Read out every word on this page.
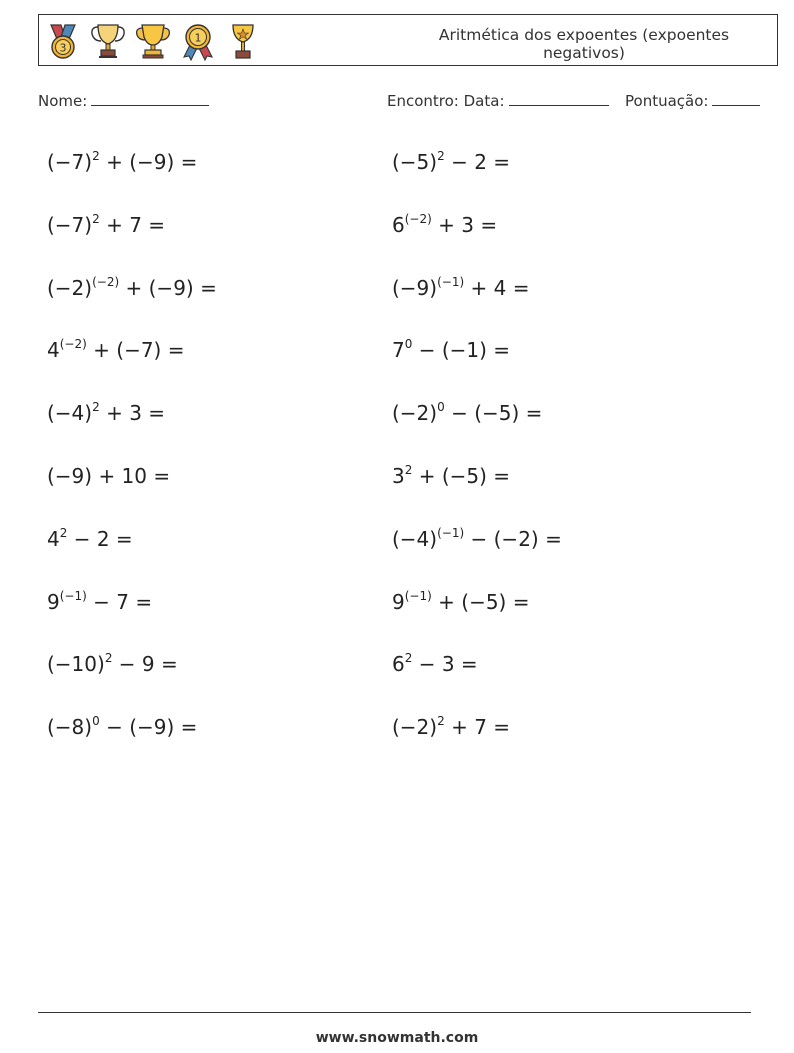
3
1	Aritmética dos expoentes (expoentes
negativos)
Nome:	Encontro: Data:	Pontuação:
$(-7)^2 + (-9)$ =
$(-7)^2 + 7$ =
$(-2)^{(-2)} + (-9)$ =
$4^{(-2)} + (-7)$ =
$(-4)^2 + 3$ =
(−9) + 10 =
$4^2 - 2$ =
$9^{(-1)} - 7$ =
$(-10)^2 - 9$ =
$(-8)^0 - (-9)$ =
$(-5)^2 - 2$ =
$6^{(-2)} + 3$ =
$(-9)^{(-1)} + 4$ =
$7^0 - (-1)$ =
$(-2)^0 - (-5)$ =
$3^2 + (-5)$ =
$(-4)^{(-1)} - (-2)$ =
$9^{(-1)} + (-5)$ =
$6^2 - 3$ =
$(-2)^2 + 7$ =
www.snowmath.com
